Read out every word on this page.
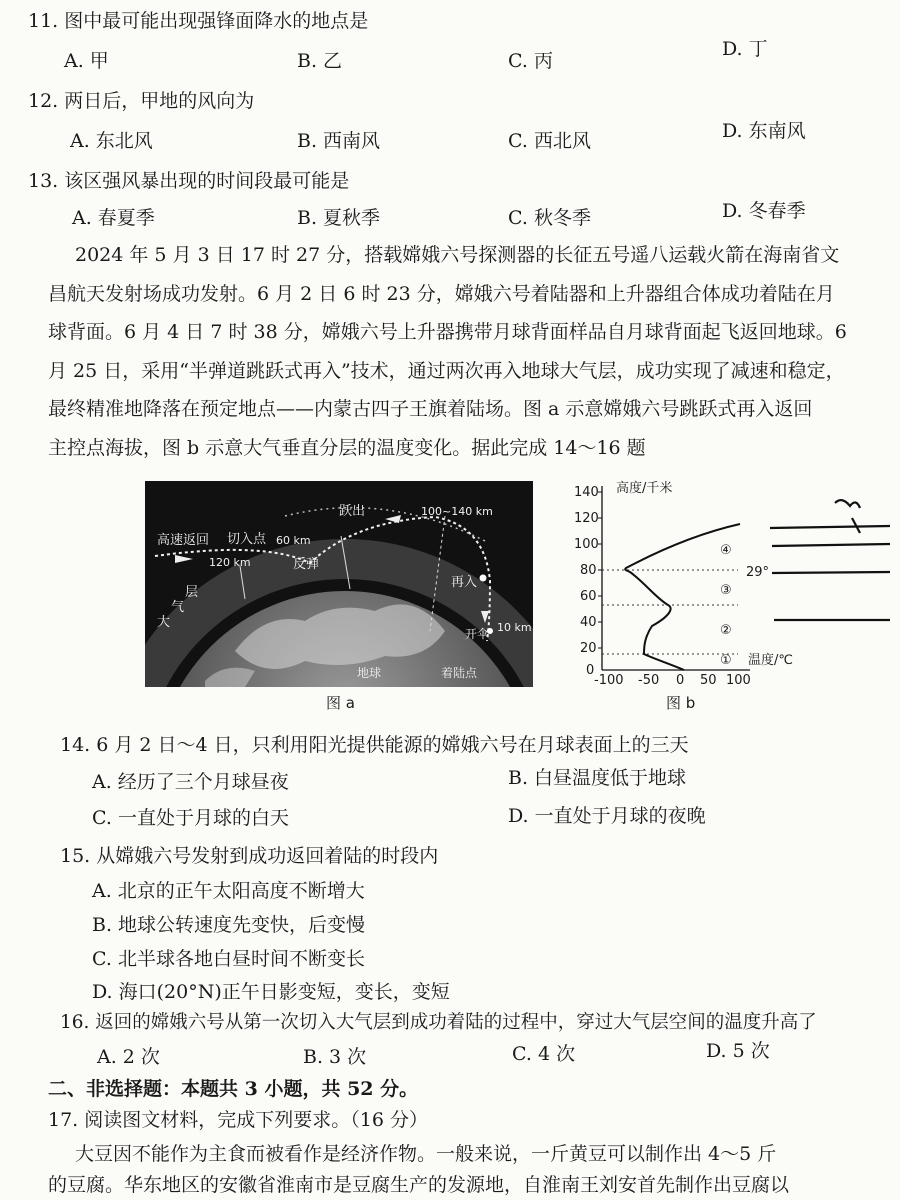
11. 图中最可能出现强锋面降水的地点是
A. 甲	B. 乙	C. 丙
D. 丁
12. 两日后，甲地的风向为
A. 东北风	B. 西南风	C. 西北风	D. 东南风
13. 该区强风暴出现的时间段最可能是
A. 春夏季	B. 夏秋季	C. 秋冬季	D. 冬春季
2024 年 5 月 3 日 17 时 27 分，搭载嫦娥六号探测器的长征五号遥八运载火箭在海南省文
昌航天发射场成功发射。6 月 2 日 6 时 23 分，嫦娥六号着陆器和上升器组合体成功着陆在月
球背面。6 月 4 日 7 时 38 分，嫦娥六号上升器携带月球背面样品自月球背面起飞返回地球。6
月 25 日，采用“半弹道跳跃式再入”技术，通过两次再入地球大气层，成功实现了减速和稳定，
最终精准地降落在预定地点——内蒙古四子王旗着陆场。图 a 示意嫦娥六号跳跃式再入返回
主控点海拔，图 b 示意大气垂直分层的温度变化。据此完成 14～16 题
高速返回 切入点 60 km
120 km	反弹
跃出	100~140 km
再入
开伞 10 km
层气大
地球	着陆点
图 a
高度/千米
140
120
100
80
60
40
20
0
-100 -50 0 50 100
④
③
②
① 温度/℃
29°
图 b
14. 6 月 2 日～4 日，只利用阳光提供能源的嫦娥六号在月球表面上的三天
A. 经历了三个月球昼夜	B. 白昼温度低于地球
C. 一直处于月球的白天	D. 一直处于月球的夜晚
15. 从嫦娥六号发射到成功返回着陆的时段内
A. 北京的正午太阳高度不断增大
B. 地球公转速度先变快，后变慢
C. 北半球各地白昼时间不断变长
D. 海口(20°N)正午日影变短，变长，变短
16. 返回的嫦娥六号从第一次切入大气层到成功着陆的过程中，穿过大气层空间的温度升高了
A. 2 次	B. 3 次	C. 4 次	D. 5 次
二、非选择题：本题共 3 小题，共 52 分。
17. 阅读图文材料，完成下列要求。（16 分）
大豆因不能作为主食而被看作是经济作物。一般来说，一斤黄豆可以制作出 4～5 斤
的豆腐。华东地区的安徽省淮南市是豆腐生产的发源地，自淮南王刘安首先制作出豆腐以
